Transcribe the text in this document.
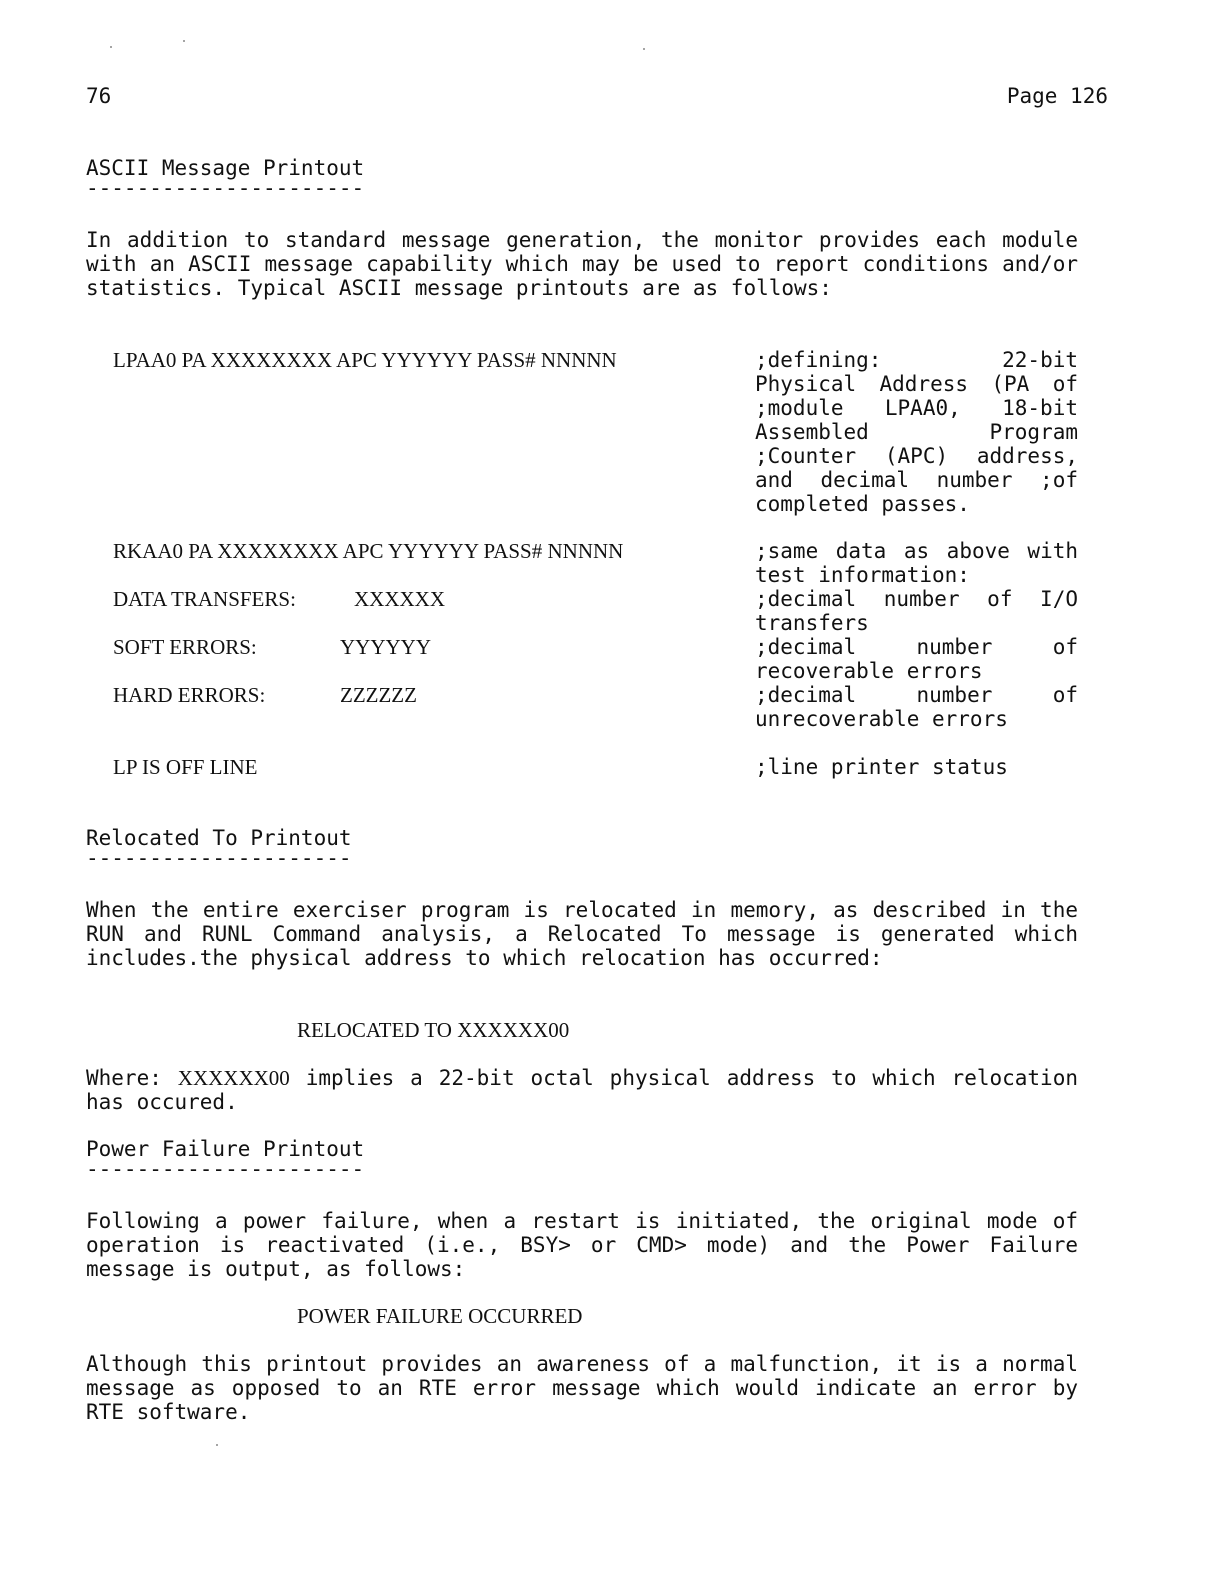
76	Page 126
ASCII Message Printout
----------------------

In addition to standard message generation, the monitor provides each module with an ASCII message capability which may be used to report conditions and/or statistics. Typical ASCII message printouts are as follows:

LPAA0 PA XXXXXXXX APC YYYYYY PASS# NNNNN	;defining: 22-bit Physical Address (PA of ;module LPAA0, 18-bit Assembled Program ;Counter (APC) address, and decimal number ;of completed passes.
RKAA0 PA XXXXXXXX APC YYYYYY PASS# NNNNN	;same data as above with test information:
DATA TRANSFERS:	XXXXXX	;decimal number of I/O transfers
SOFT ERRORS:	YYYYYY	;decimal number of recoverable errors
HARD ERRORS:	ZZZZZZ	;decimal number of unrecoverable errors
LP IS OFF LINE	;line printer status
Relocated To Printout
---------------------

When the entire exerciser program is relocated in memory, as described in the RUN and RUNL Command analysis, a Relocated To message is generated which includes.the physical address to which relocation has occurred:

RELOCATED TO XXXXXX00

Where: XXXXXX00 implies a 22-bit octal physical address to which relocation has occured.

Power Failure Printout
----------------------

Following a power failure, when a restart is initiated, the original mode of operation is reactivated (i.e., BSY> or CMD> mode) and the Power Failure message is output, as follows:

POWER FAILURE OCCURRED

Although this printout provides an awareness of a malfunction, it is a normal message as opposed to an RTE error message which would indicate an error by RTE software.
